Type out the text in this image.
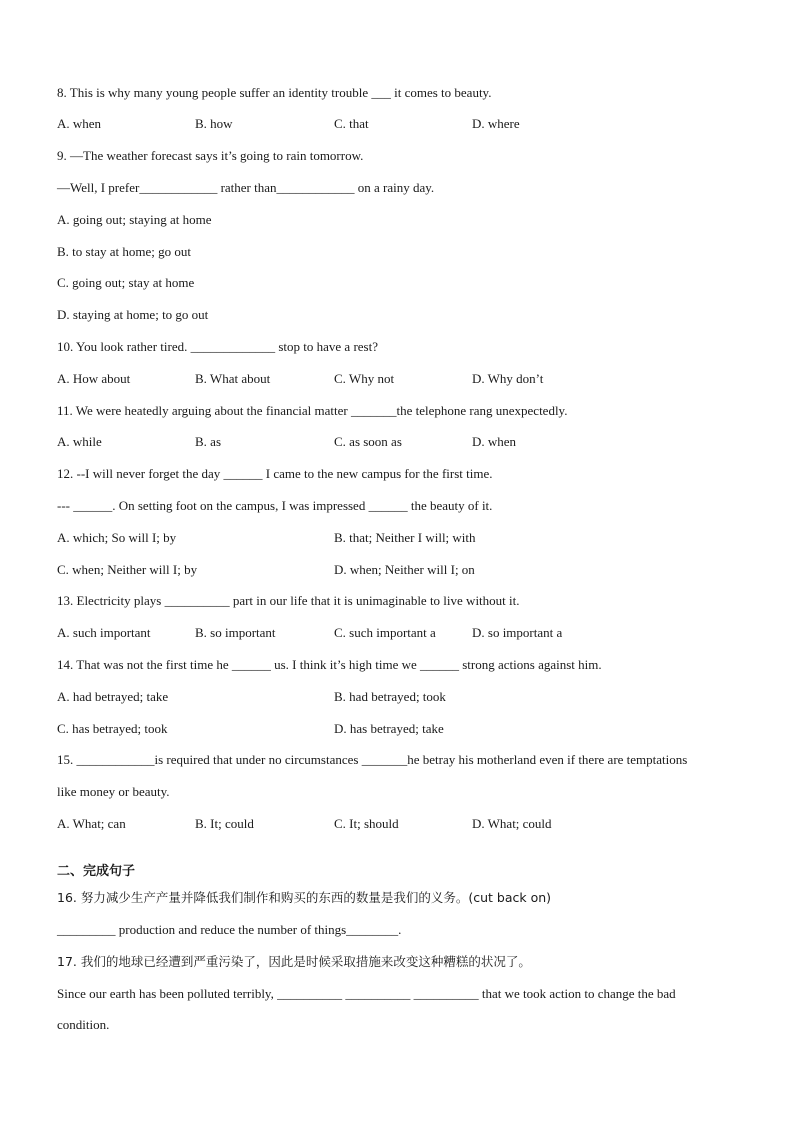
8. This is why many young people suffer an identity trouble ___ it comes to beauty.
A. when	B. how	C. that	D. where
9. —The weather forecast says it’s going to rain tomorrow.
—Well, I prefer____________ rather than____________ on a rainy day.
A. going out; staying at home
B. to stay at home; go out
C. going out; stay at home
D. staying at home; to go out
10. You look rather tired. _____________ stop to have a rest?
A. How about	B. What about	C. Why not	D. Why don’t
11. We were heatedly arguing about the financial matter _______the telephone rang unexpectedly.
A. while	B. as	C. as soon as	D. when
12. --I will never forget the day ______ I came to the new campus for the first time.
--- ______. On setting foot on the campus, I was impressed ______ the beauty of it.
A. which; So will I; by	B. that; Neither I will; with
C. when; Neither will I; by	D. when; Neither will I; on
13. Electricity plays __________ part in our life that it is unimaginable to live without it.
A. such important	B. so important	C. such important a	D. so important a
14. That was not the first time he ______ us. I think it’s high time we ______ strong actions against him.
A. had betrayed; take	B. had betrayed; took
C. has betrayed; took	D. has betrayed; take
15. ____________is required that under no circumstances _______he betray his motherland even if there are temptations
like money or beauty.
A. What; can	B. It; could	C. It; should	D. What; could
二、完成句子
16. 努力减少生产产量并降低我们制作和购买的东西的数量是我们的义务。(cut back on)
_________ production and reduce the number of things________.
17. 我们的地球已经遭到严重污染了，因此是时候采取措施来改变这种糟糕的状况了。
Since our earth has been polluted terribly, __________ __________ __________ that we took action to change the bad
condition.
